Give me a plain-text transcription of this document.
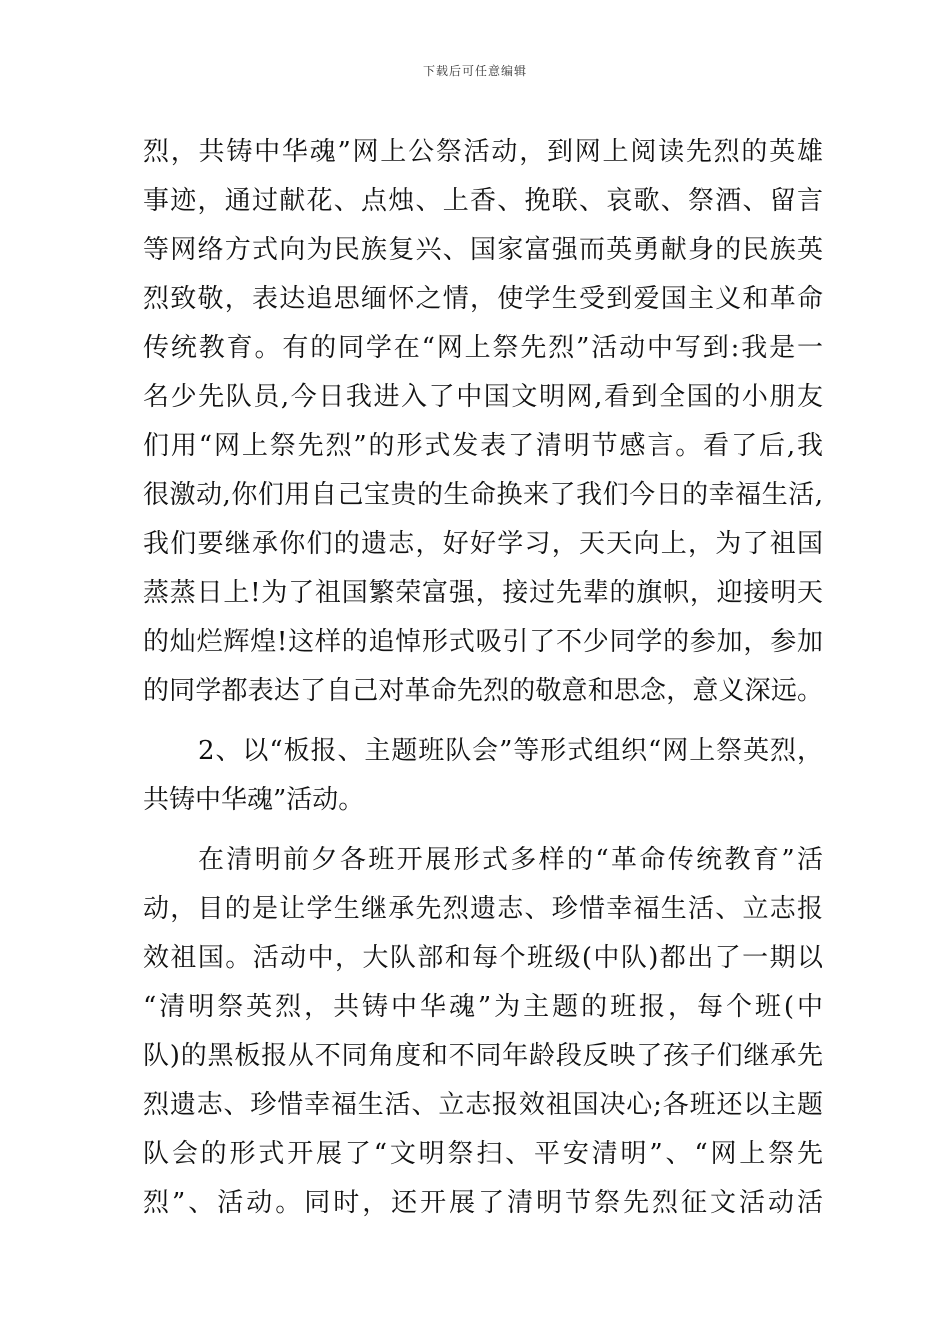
下载后可任意编辑
烈，共铸中华魂”网上公祭活动，到网上阅读先烈的英雄
事迹，通过献花、点烛、上香、挽联、哀歌、祭酒、留言
等网络方式向为民族复兴、国家富强而英勇献身的民族英
烈致敬，表达追思缅怀之情，使学生受到爱国主义和革命
传统教育。有的同学在“网上祭先烈”活动中写到:我是一
名少先队员,今日我进入了中国文明网,看到全国的小朋友
们用“网上祭先烈”的形式发表了清明节感言。看了后,我
很激动,你们用自己宝贵的生命换来了我们今日的幸福生活,
我们要继承你们的遗志，好好学习，天天向上，为了祖国
蒸蒸日上!为了祖国繁荣富强，接过先辈的旗帜，迎接明天
的灿烂辉煌!这样的追悼形式吸引了不少同学的参加，参加
的同学都表达了自己对革命先烈的敬意和思念，意义深远。
2、以“板报、主题班队会”等形式组织“网上祭英烈，
共铸中华魂”活动。
在清明前夕各班开展形式多样的“革命传统教育”活
动，目的是让学生继承先烈遗志、珍惜幸福生活、立志报
效祖国。活动中，大队部和每个班级(中队)都出了一期以
“清明祭英烈，共铸中华魂”为主题的班报，每个班(中
队)的黑板报从不同角度和不同年龄段反映了孩子们继承先
烈遗志、珍惜幸福生活、立志报效祖国决心;各班还以主题
队会的形式开展了“文明祭扫、平安清明”、“网上祭先
烈”、活动。同时，还开展了清明节祭先烈征文活动活
